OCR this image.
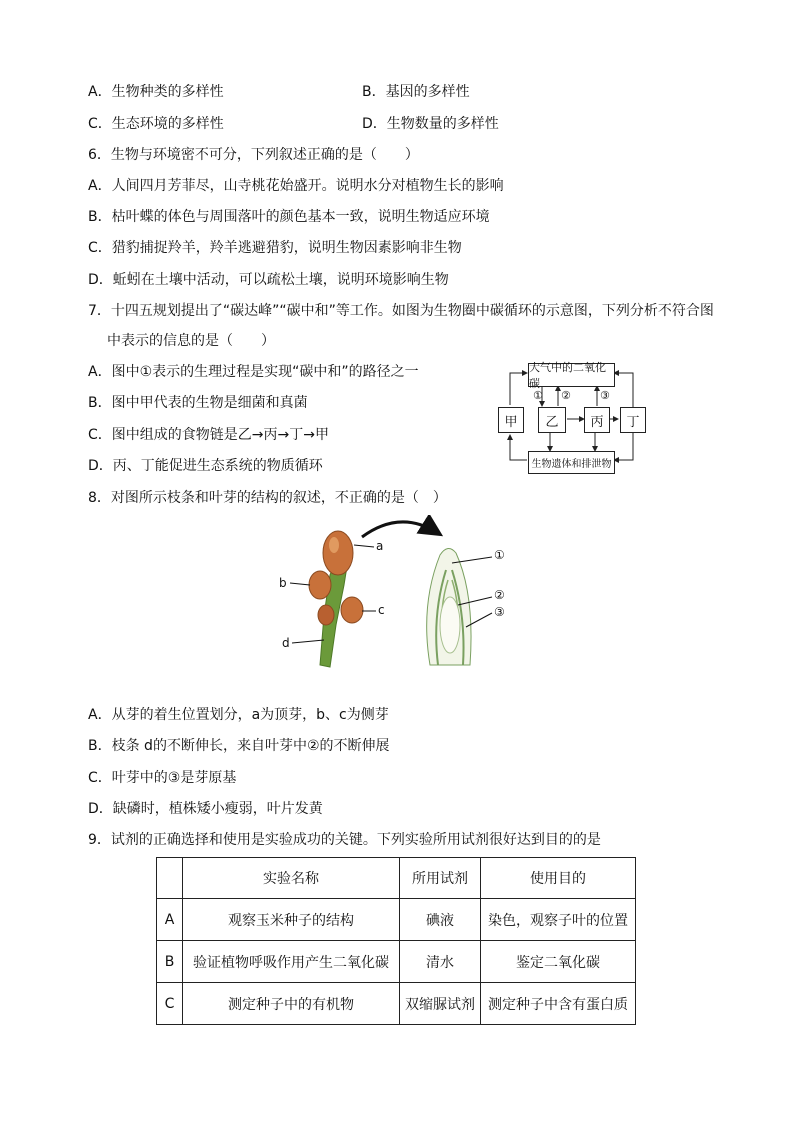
A．生物种类的多样性	B．基因的多样性
C．生态环境的多样性	D．生物数量的多样性
6．生物与环境密不可分，下列叙述正确的是（　　）
A．人间四月芳菲尽，山寺桃花始盛开。说明水分对植物生长的影响
B．枯叶蝶的体色与周围落叶的颜色基本一致，说明生物适应环境
C．猎豹捕捉羚羊，羚羊逃避猎豹，说明生物因素影响非生物
D．蚯蚓在土壤中活动，可以疏松土壤，说明环境影响生物
7．十四五规划提出了“碳达峰”“碳中和”等工作。如图为生物圈中碳循环的示意图，下列分析不符合图
中表示的信息的是（　　）
A．图中①表示的生理过程是实现“碳中和”的路径之一
B．图中甲代表的生物是细菌和真菌
C．图中组成的食物链是乙→丙→丁→甲
D．丙、丁能促进生态系统的物质循环
大气中的二氧化碳
甲	乙	丙	丁
生物遗体和排泄物
① ②	③
8．对图所示枝条和叶芽的结构的叙述，不正确的是（　）
a
b
c
d
①
②
③
A．从芽的着生位置划分，a为顶芽，b、c为侧芽
B．枝条 d的不断伸长，来自叶芽中②的不断伸展
C．叶芽中的③是芽原基
D．缺磷时，植株矮小瘦弱，叶片发黄
9．试剂的正确选择和使用是实验成功的关键。下列实验所用试剂很好达到目的的是
	实验名称	所用试剂	使用目的
A	观察玉米种子的结构	碘液	染色，观察子叶的位置
B	验证植物呼吸作用产生二氧化碳	清水	鉴定二氧化碳
C	测定种子中的有机物	双缩脲试剂	测定种子中含有蛋白质
